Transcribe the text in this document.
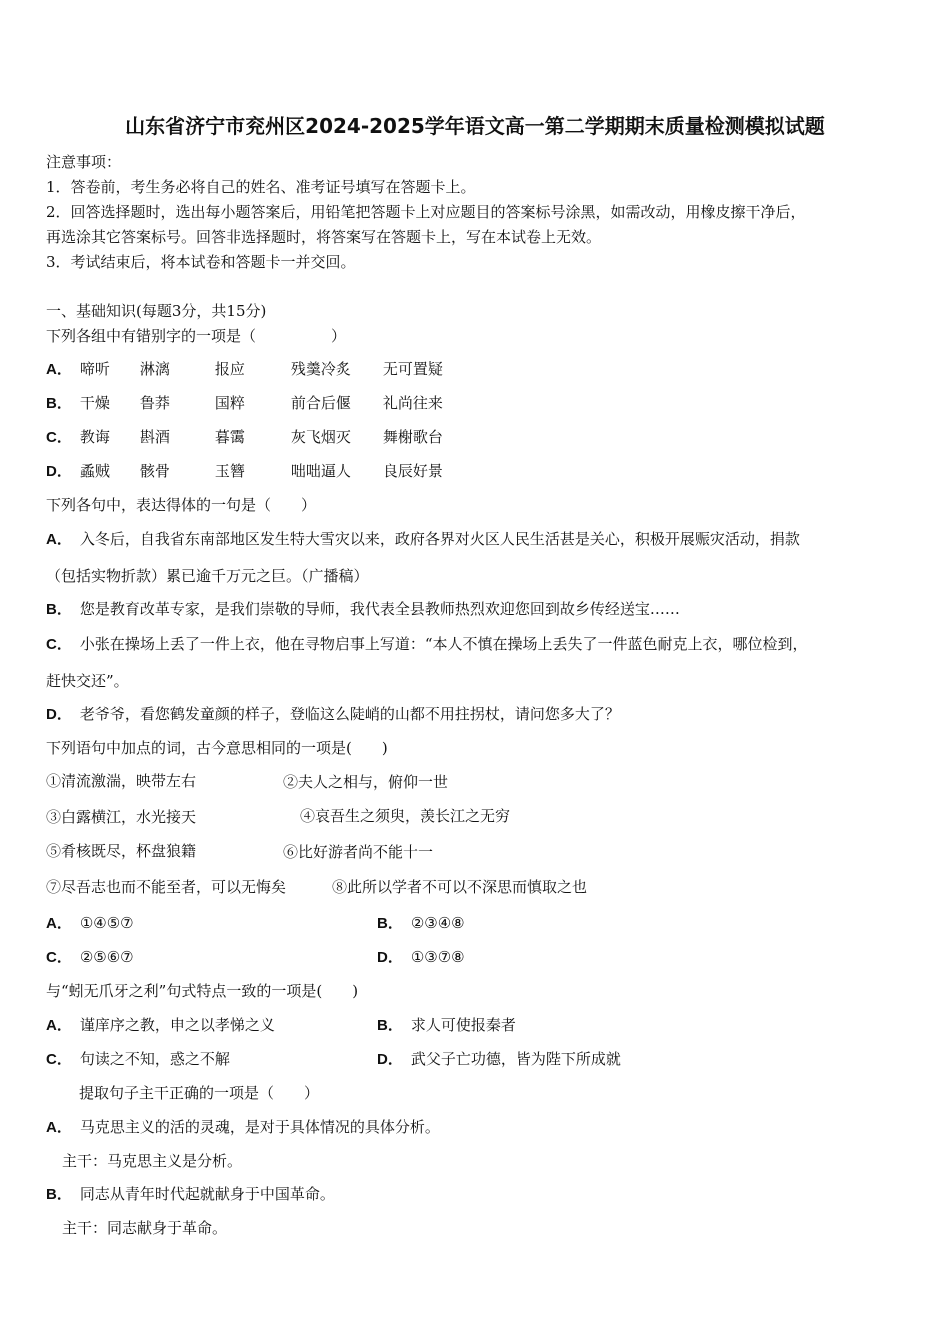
山东省济宁市兖州区2024-2025学年语文高一第二学期期末质量检测模拟试题
注意事项：
1．答卷前，考生务必将自己的姓名、准考证号填写在答题卡上。
2．回答选择题时，选出每小题答案后，用铅笔把答题卡上对应题目的答案标号涂黑，如需改动，用橡皮擦干净后，
再选涂其它答案标号。回答非选择题时，将答案写在答题卡上，写在本试卷上无效。
3．考试结束后，将本试卷和答题卡一并交回。
一、基础知识(每题3分，共15分)
下列各组中有错别字的一项是（　　　　　）
A． 啼听 淋漓	报应	残羹冷炙 无可置疑
B． 干燥 鲁莽	国粹	前合后偃 礼尚往来
C． 教诲 斟酒	暮霭	灰飞烟灭 舞榭歌台
D． 蟊贼 骸骨	玉簪	咄咄逼人 良辰好景
下列各句中，表达得体的一句是（　　）
A． 入冬后，自我省东南部地区发生特大雪灾以来，政府各界对火区人民生活甚是关心，积极开展赈灾活动，捐款
（包括实物折款）累已逾千万元之巨。（广播稿）
B． 您是教育改革专家，是我们崇敬的导师，我代表全县教师热烈欢迎您回到故乡传经送宝……
C． 小张在操场上丢了一件上衣，他在寻物启事上写道：“本人不慎在操场上丢失了一件蓝色耐克上衣，哪位检到，
赶快交还”。
D． 老爷爷，看您鹤发童颜的样子，登临这么陡峭的山都不用拄拐杖，请问您多大了？
下列语句中加点的词，古今意思相同的一项是(　　)
①清流激湍，映带左右	②夫人之相与，俯仰一世
③白露横江，水光接天	④哀吾生之须臾，羡长江之无穷
⑤肴核既尽，杯盘狼籍	⑥比好游者尚不能十一
⑦尽吾志也而不能至者，可以无悔矣	⑧此所以学者不可以不深思而慎取之也
A． ①④⑤⑦	B． ②③④⑧
C． ②⑤⑥⑦	D． ①③⑦⑧
与“蚓无爪牙之利”句式特点一致的一项是(　　)
A． 谨庠序之教，申之以孝悌之义	B． 求人可使报秦者
C． 句读之不知，惑之不解	D． 武父子亡功德，皆为陛下所成就
提取句子主干正确的一项是（　　）
A． 马克思主义的活的灵魂，是对于具体情况的具体分析。
主干：马克思主义是分析。
B． 同志从青年时代起就献身于中国革命。
主干：同志献身于革命。
